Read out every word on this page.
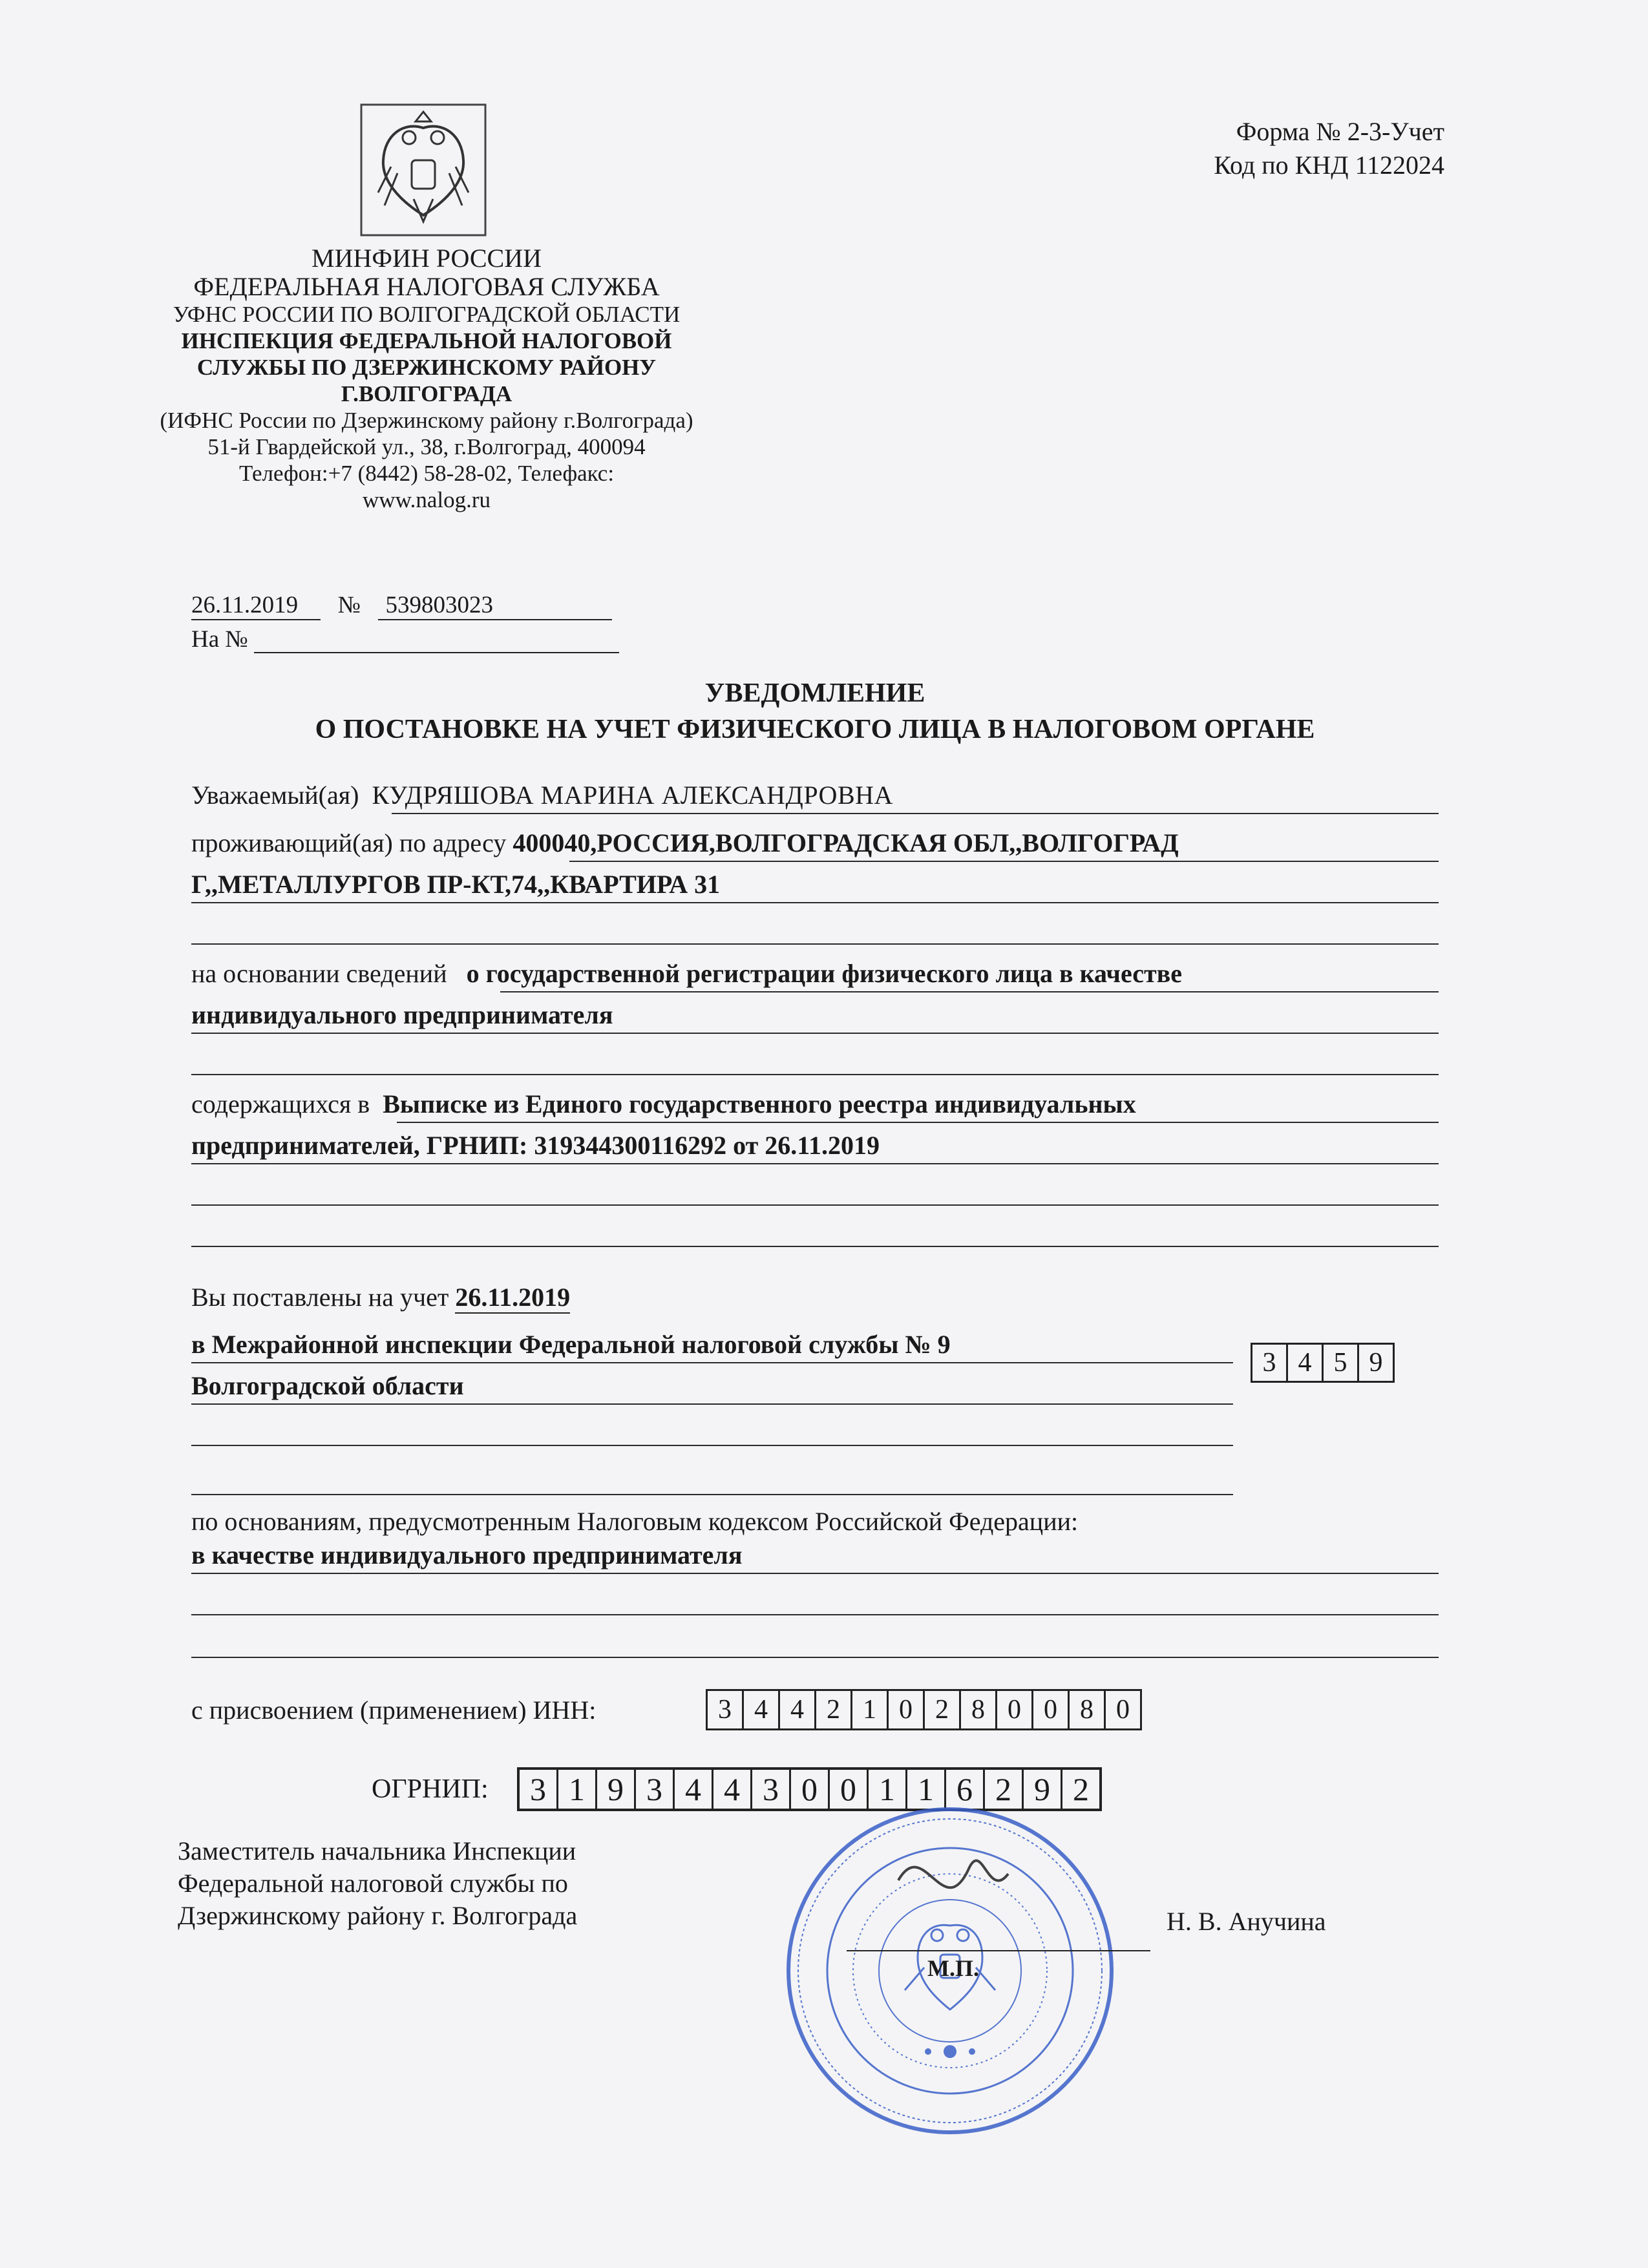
МИНФИН РОССИИ
ФЕДЕРАЛЬНАЯ НАЛОГОВАЯ СЛУЖБА
УФНС РОССИИ ПО ВОЛГОГРАДСКОЙ ОБЛАСТИ
ИНСПЕКЦИЯ ФЕДЕРАЛЬНОЙ НАЛОГОВОЙ
СЛУЖБЫ ПО ДЗЕРЖИНСКОМУ РАЙОНУ
Г.ВОЛГОГРАДА
(ИФНС России по Дзержинскому району г.Волгограда)
51-й Гвардейской ул., 38, г.Волгоград, 400094
Телефон:+7 (8442) 58-28-02, Телефакс:
www.nalog.ru
Форма № 2-3-Учет
Код по КНД 1122024
26.11.2019 № 539803023
На №
УВЕДОМЛЕНИЕ
О ПОСТАНОВКЕ НА УЧЕТ ФИЗИЧЕСКОГО ЛИЦА В НАЛОГОВОМ ОРГАНЕ
Уважаемый(ая) КУДРЯШОВА МАРИНА АЛЕКСАНДРОВНА
проживающий(ая) по адресу 400040,РОССИЯ,ВОЛГОГРАДСКАЯ ОБЛ,,ВОЛГОГРАД
Г,,МЕТАЛЛУРГОВ ПР-КТ,74,,КВАРТИРА 31
на основании сведений о государственной регистрации физического лица в качестве
индивидуального предпринимателя
содержащихся в Выписке из Единого государственного реестра индивидуальных
предпринимателей, ГРНИП: 319344300116292 от 26.11.2019
Вы поставлены на учет 26.11.2019
в Межрайонной инспекции Федеральной налоговой службы № 9
Волгоградской области
3 4 5 9
по основаниям, предусмотренным Налоговым кодексом Российской Федерации:
в качестве индивидуального предпринимателя
с присвоением (применением) ИНН:	3 4 4 2 1 0 2 8 0 0 8 0
ОГРНИП:	3 1 9 3 4 4 3 0 0 1 1 6 2 9 2
Заместитель начальника Инспекции
Федеральной налоговой службы по
Дзержинскому району г. Волгограда
М.П.
Н. В. Анучина
